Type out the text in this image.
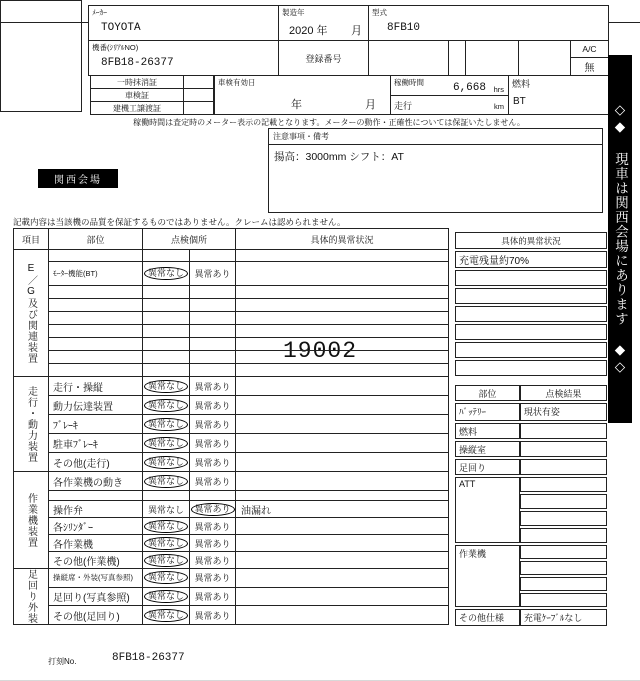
19002
ﾒｰｶｰ
TOYOTA
製造年
2020 年 月
型式
8FB10
機番(ｼﾘｱﾙNO)
8FB18-26377	登録番号
A/C
無
一時抹消証
車検証
建機工譲渡証
車検有効日
年	月
稼働時間	6,668 hrs
走行	km
燃料
BT
稼働時間は査定時のメーター表示の記載となります。メーターの動作・正確性については保証いたしません。
注意事項・備考
揚高：3000mm シフト：AT
関西会場
記載内容は当該機の品質を保証するものではありません。クレームは認められません。
項目	部位	点検個所		具体的異常状況
E／G及び関連装置				
	ﾓｰﾀｰ機能(BT)	異常なし	異常あり	

走行・動力装置	走行・操縦	異常なし	異常あり	
	動力伝達装置	異常なし	異常あり	
	ﾌﾞﾚｰｷ	異常なし	異常あり	
	駐車ﾌﾞﾚｰｷ	異常なし	異常あり	
	その他(走行)	異常なし	異常あり	
作業機装置	各作業機の動き	異常なし	異常あり	

	操作弁	異常なし	異常あり	油漏れ
	各ｼﾘﾝﾀﾞｰ	異常なし	異常あり	
	各作業機	異常なし	異常あり	
	その他(作業機)	異常なし	異常あり	
足回り外装	操縦席・外装(写真参照)	異常なし	異常あり	
	足回り(写真参照)	異常なし	異常あり	
	その他(足回り)	異常なし	異常あり	
具体的異常状況
充電残量約70%

部位	点検結果
ﾊﾞｯﾃﾘｰ	現状有姿
燃料	
操縦室	
足回り	
ATT	

作業機	

その他仕様	充電ｹｰﾌﾞﾙなし
◇◆ 現車は関西会場にあります ◆◇
打刻No.	8FB18-26377
